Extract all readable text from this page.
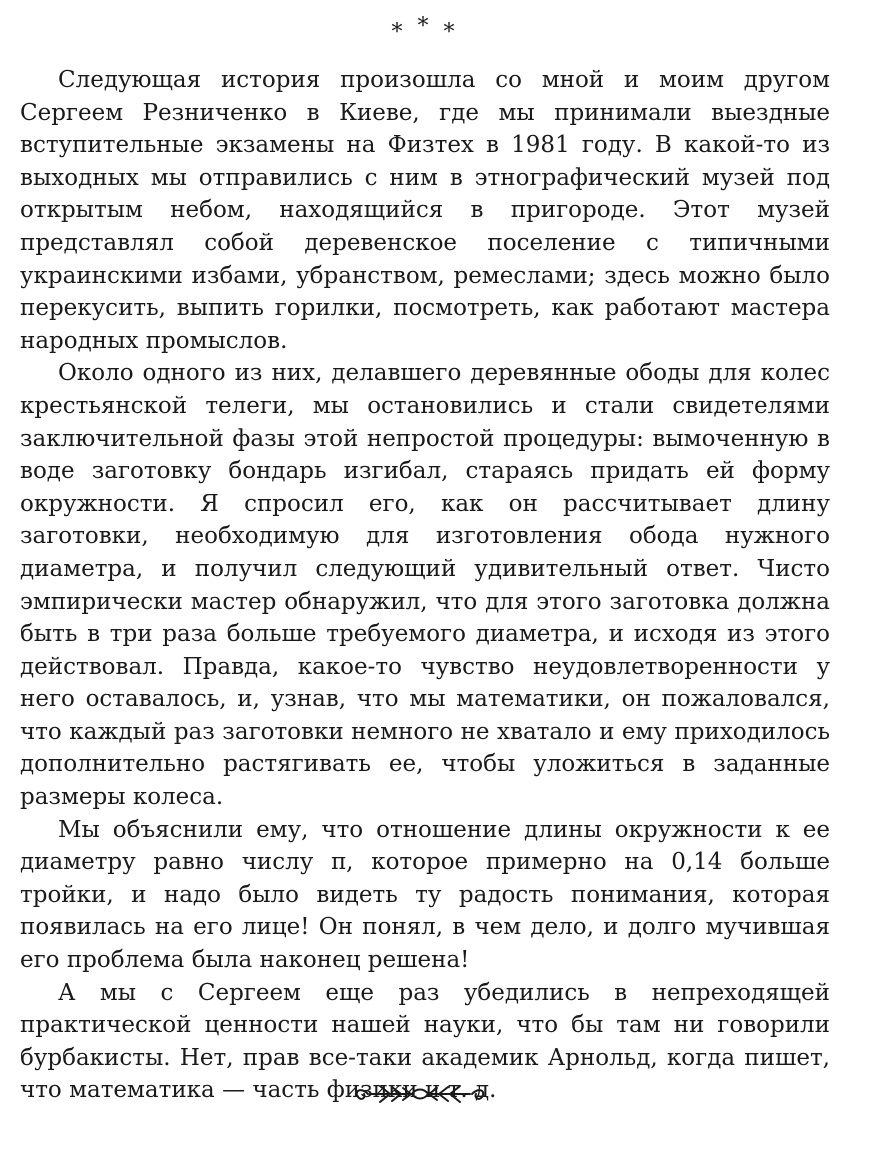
* * *

Следующая история произошла со мной и моим другом Сергеем Резниченко в Киеве, где мы принимали выездные вступительные экзамены на Физтех в 1981 году. В какой-то из выходных мы отправились с ним в этнографический музей под открытым небом, находящийся в пригороде. Этот музей представлял собой деревенское поселение с типичными украинскими избами, убранством, ремеслами; здесь можно было перекусить, выпить горилки, посмотреть, как работают мастера народных промыслов.

Около одного из них, делавшего деревянные ободы для колес крестьянской телеги, мы остановились и стали свидетелями заключительной фазы этой непростой процедуры: вымоченную в воде заготовку бондарь изгибал, стараясь придать ей форму окружности. Я спросил его, как он рассчитывает длину заготовки, необходимую для изготовления обода нужного диаметра, и получил следующий удивительный ответ. Чисто эмпирически мастер обнаружил, что для этого заготовка должна быть в три раза больше требуемого диаметра, и исходя из этого действовал. Правда, какое-то чувство неудовлетворенности у него оставалось, и, узнав, что мы математики, он пожаловался, что каждый раз заготовки немного не хватало и ему приходилось дополнительно растягивать ее, чтобы уложиться в заданные размеры колеса.

Мы объяснили ему, что отношение длины окружности к ее диаметру равно числу π, которое примерно на 0,14 больше тройки, и надо было видеть ту радость понимания, которая появилась на его лице! Он понял, в чем дело, и долго мучившая его проблема была наконец решена!

А мы с Сергеем еще раз убедились в непреходящей практической ценности нашей науки, что бы там ни говорили бурбакисты. Нет, прав все-таки академик Арнольд, когда пишет, что математика — часть физики и т. д.
